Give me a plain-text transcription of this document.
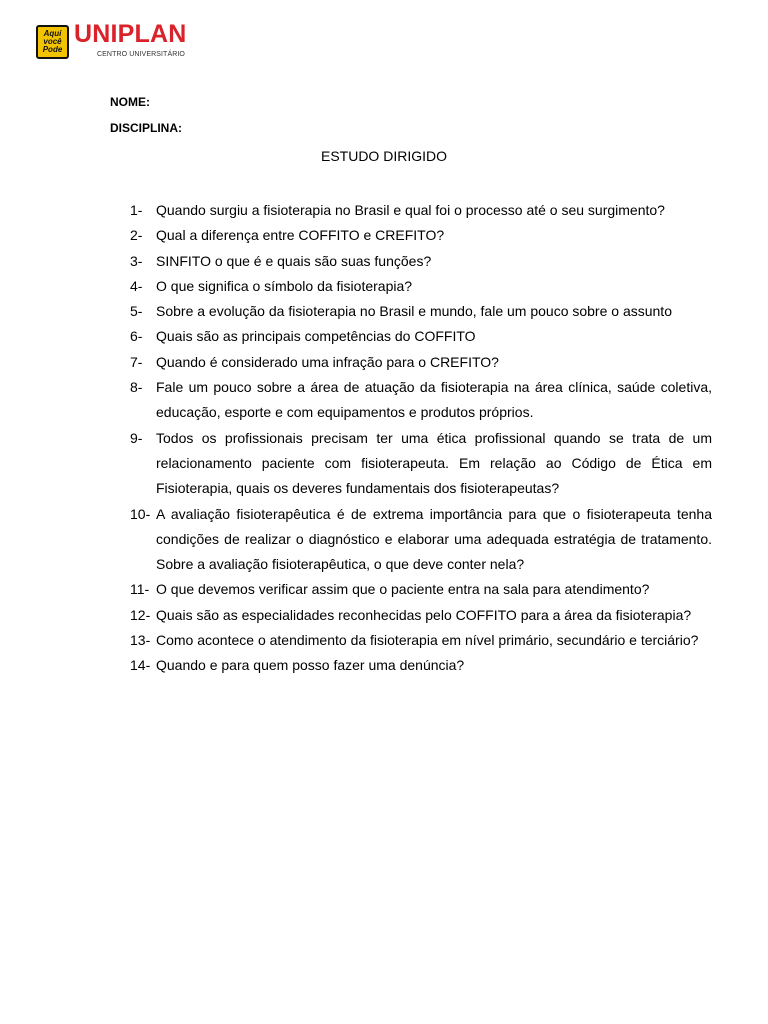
Aqui
você
Pode
UNIPLAN
CENTRO UNIVERSITÁRIO
NOME:
DISCIPLINA:
ESTUDO DIRIGIDO
1- Quando surgiu a fisioterapia no Brasil e qual foi o processo até o seu surgimento?
2- Qual a diferença entre COFFITO e CREFITO?
3- SINFITO o que é e quais são suas funções?
4- O que significa o símbolo da fisioterapia?
5- Sobre a evolução da fisioterapia no Brasil e mundo, fale um pouco sobre o assunto
6- Quais são as principais competências do COFFITO
7- Quando é considerado uma infração para o CREFITO?
8- Fale um pouco sobre a área de atuação da fisioterapia na área clínica, saúde coletiva, educação, esporte e com equipamentos e produtos próprios.
9- Todos os profissionais precisam ter uma ética profissional quando se trata de um relacionamento paciente com fisioterapeuta. Em relação ao Código de Ética em Fisioterapia, quais os deveres fundamentais dos fisioterapeutas?
10- A avaliação fisioterapêutica é de extrema importância para que o fisioterapeuta tenha condições de realizar o diagnóstico e elaborar uma adequada estratégia de tratamento. Sobre a avaliação fisioterapêutica, o que deve conter nela?
11- O que devemos verificar assim que o paciente entra na sala para atendimento?
12- Quais são as especialidades reconhecidas pelo COFFITO para a área da fisioterapia?
13- Como acontece o atendimento da fisioterapia em nível primário, secundário e terciário?
14- Quando e para quem posso fazer uma denúncia?
